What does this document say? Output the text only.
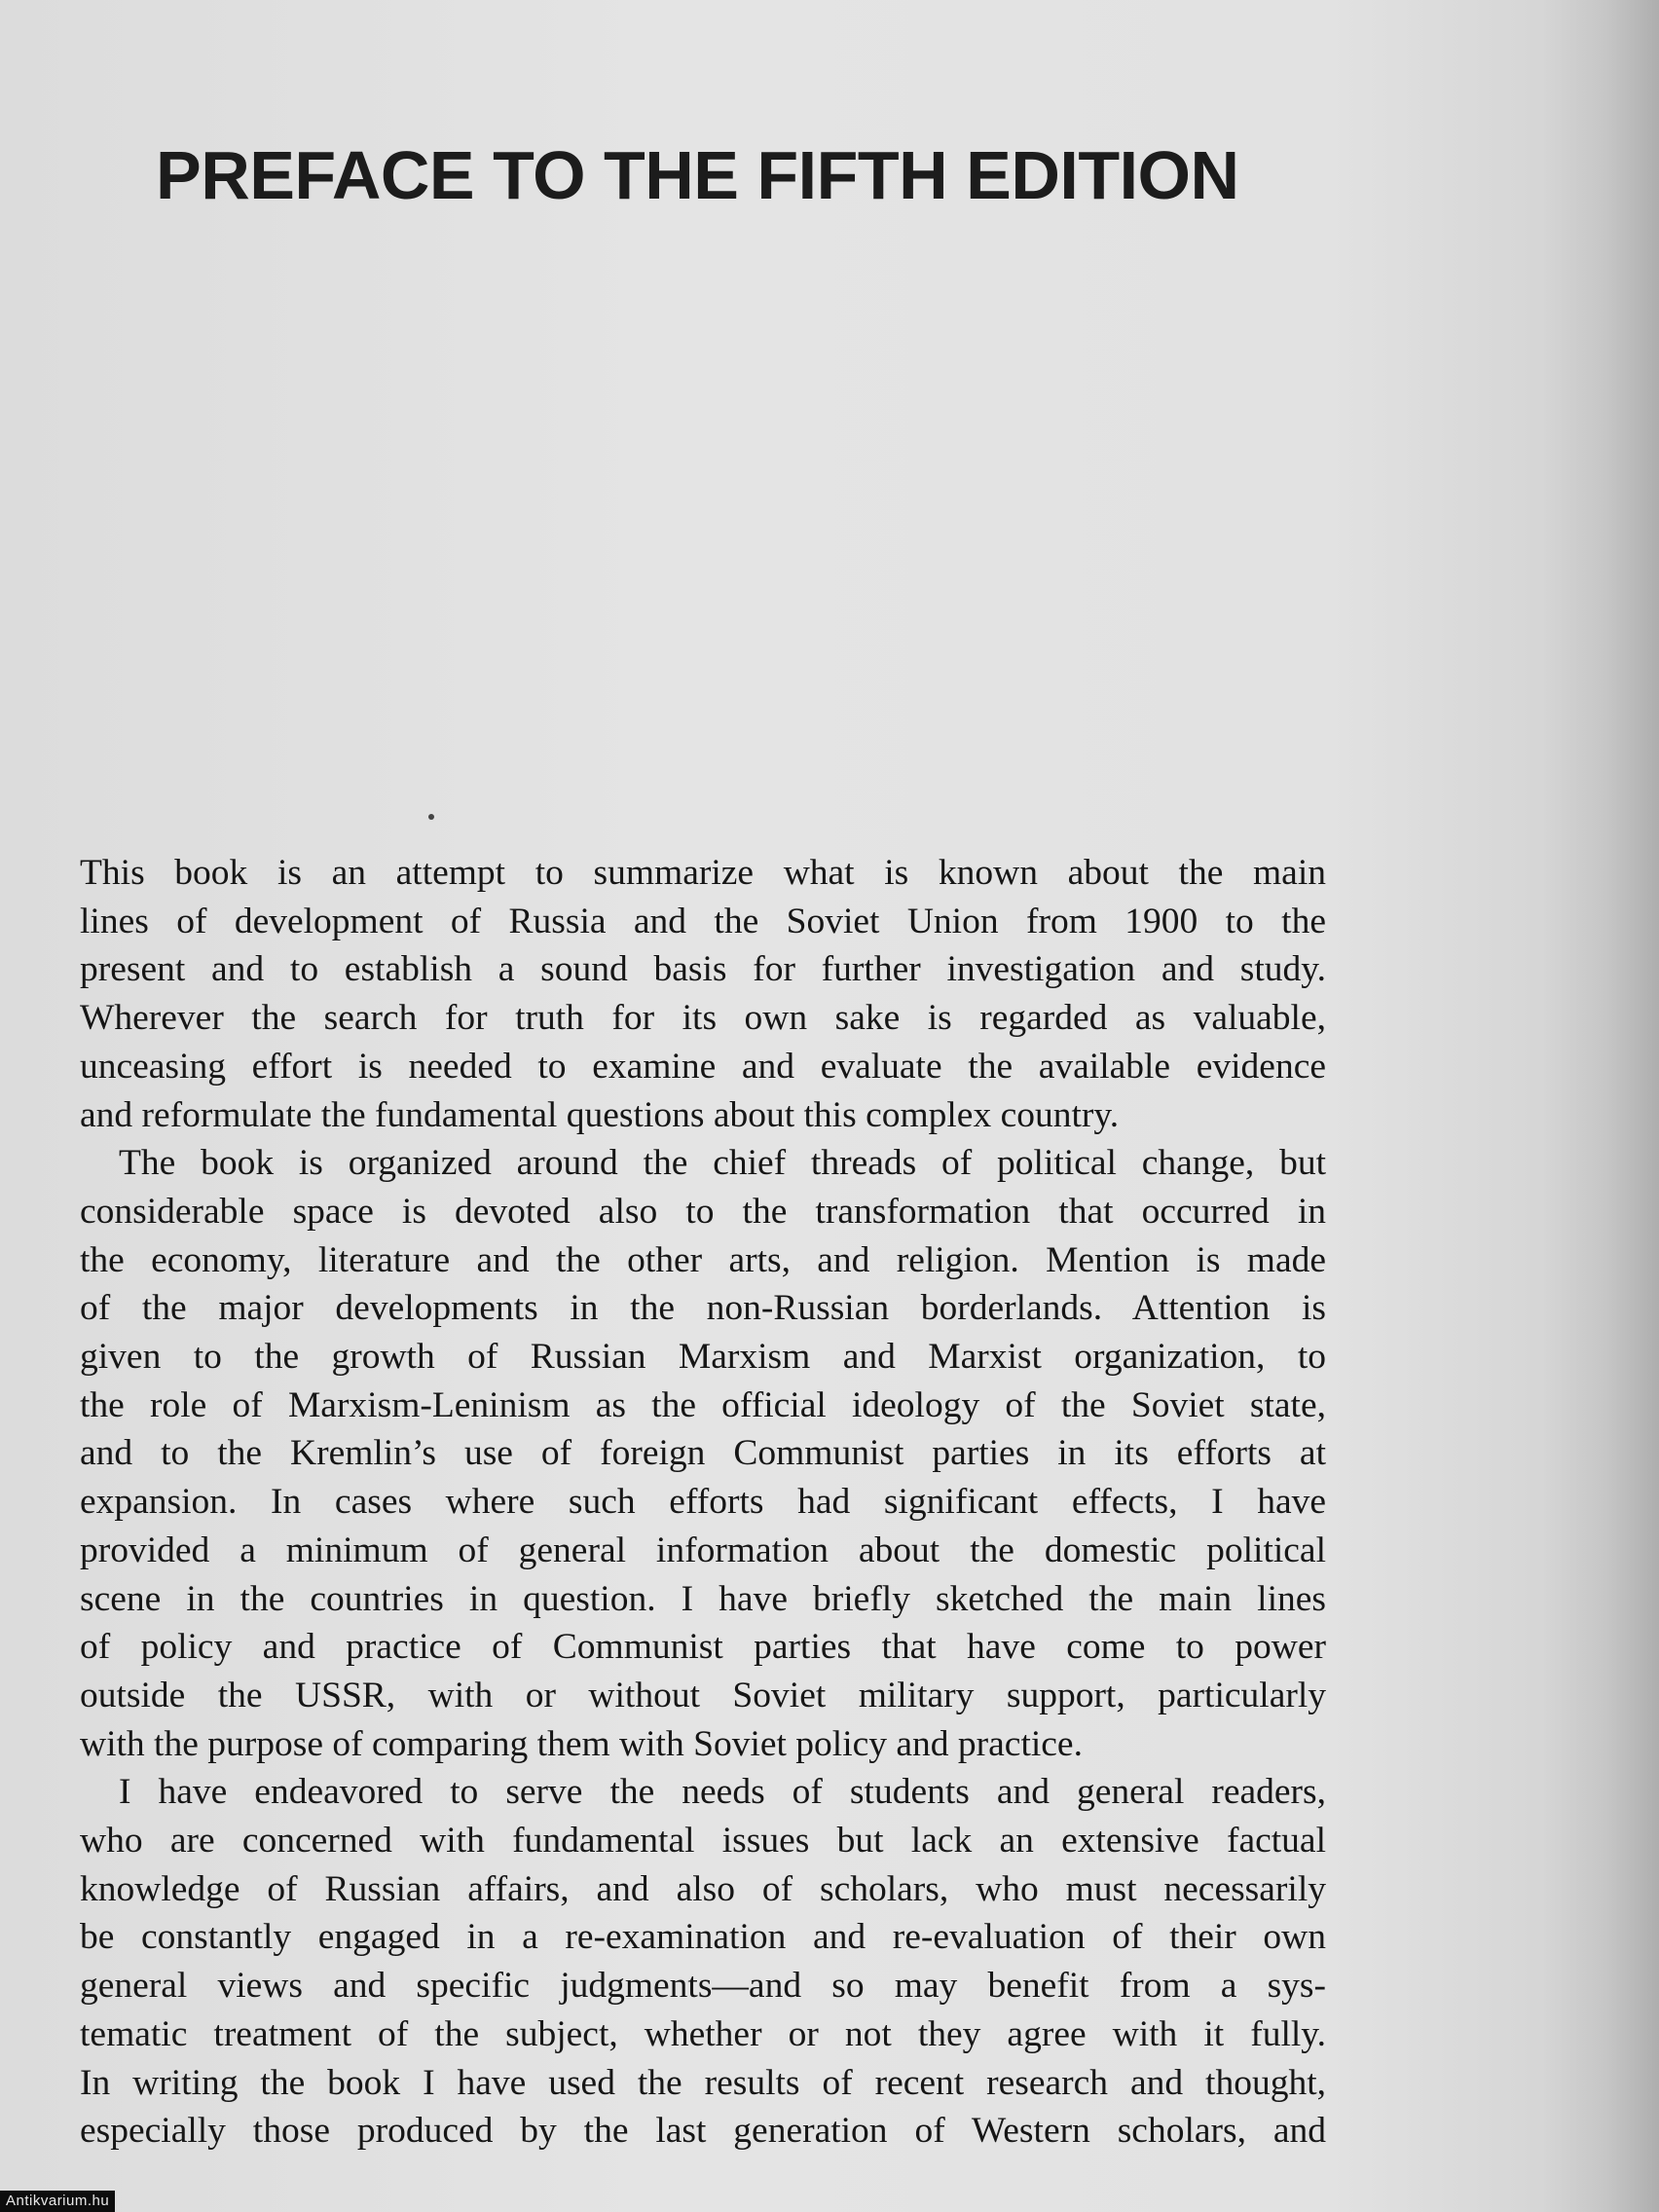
PREFACE TO THE FIFTH EDITION

This book is an attempt to summarize what is known about the main
lines of development of Russia and the Soviet Union from 1900 to the
present and to establish a sound basis for further investigation and study.
Wherever the search for truth for its own sake is regarded as valuable,
unceasing effort is needed to examine and evaluate the available evidence
and reformulate the fundamental questions about this complex country.

The book is organized around the chief threads of political change, but
considerable space is devoted also to the transformation that occurred in
the economy, literature and the other arts, and religion. Mention is made
of the major developments in the non-Russian borderlands. Attention is
given to the growth of Russian Marxism and Marxist organization, to
the role of Marxism-Leninism as the official ideology of the Soviet state,
and to the Kremlin’s use of foreign Communist parties in its efforts at
expansion. In cases where such efforts had significant effects, I have
provided a minimum of general information about the domestic political
scene in the countries in question. I have briefly sketched the main lines
of policy and practice of Communist parties that have come to power
outside the USSR, with or without Soviet military support, particularly
with the purpose of comparing them with Soviet policy and practice.

I have endeavored to serve the needs of students and general readers,
who are concerned with fundamental issues but lack an extensive factual
knowledge of Russian affairs, and also of scholars, who must necessarily
be constantly engaged in a re-examination and re-evaluation of their own
general views and specific judgments—and so may benefit from a sys-
tematic treatment of the subject, whether or not they agree with it fully.
In writing the book I have used the results of recent research and thought,
especially those produced by the last generation of Western scholars, and

Antikvarium.hu
